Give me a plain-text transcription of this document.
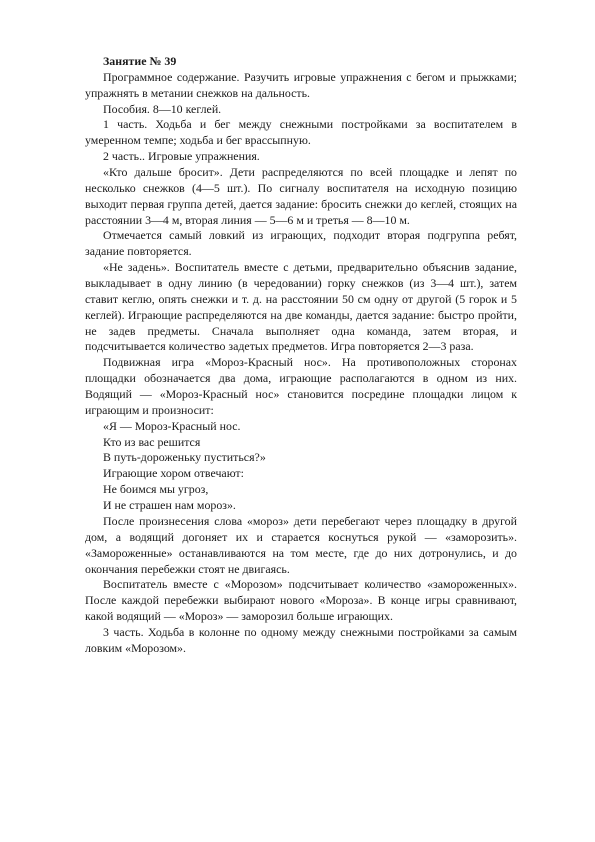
Занятие № 39

Программное содержание. Разучить игровые упражнения с бегом и прыжками; упражнять в метании снежков на дальность.

Пособия. 8—10 кеглей.

1 часть. Ходьба и бег между снежными постройками за воспитателем в умеренном темпе; ходьба и бег врассыпную.

2 часть.. Игровые упражнения.

«Кто дальше бросит». Дети распределяются по всей площадке и лепят по несколько снежков (4—5 шт.). По сигналу воспитателя на исходную позицию выходит первая группа детей, дается задание: бросить снежки до кеглей, стоящих на расстоянии 3—4 м, вторая линия — 5—6 м и третья — 8—10 м.

Отмечается самый ловкий из играющих, подходит вторая подгруппа ребят, задание повторяется.

«Не задень». Воспитатель вместе с детьми, предварительно объяснив задание, выкладывает в одну линию (в чередовании) горку снежков (из 3—4 шт.), затем ставит кеглю, опять снежки и т. д. на расстоянии 50 см одну от другой (5 горок и 5 кеглей). Играющие распределяются на две команды, дается задание: быстро пройти, не задев предметы. Сначала выполняет одна команда, затем вторая, и подсчитывается количество задетых предметов. Игра повторяется 2—3 раза.

Подвижная игра «Мороз-Красный нос». На противоположных сторонах площадки обозначается два дома, играющие располагаются в одном из них. Водящий — «Мороз-Красный нос» становится посредине площадки лицом к играющим и произносит:

«Я — Мороз-Красный нос.

Кто из вас решится

В путь-дороженьку пуститься?»

Играющие хором отвечают:

Не боимся мы угроз,

И не страшен нам мороз».

После произнесения слова «мороз» дети перебегают через площадку в другой дом, а водящий догоняет их и старается коснуться рукой — «заморозить». «Замороженные» останавливаются на том месте, где до них дотронулись, и до окончания перебежки стоят не двигаясь.

Воспитатель вместе с «Морозом» подсчитывает количество «замороженных». После каждой перебежки выбирают нового «Мороза». В конце игры сравнивают, какой водящий — «Мороз» — заморозил больше играющих.

3 часть. Ходьба в колонне по одному между снежными постройками за самым ловким «Морозом».
